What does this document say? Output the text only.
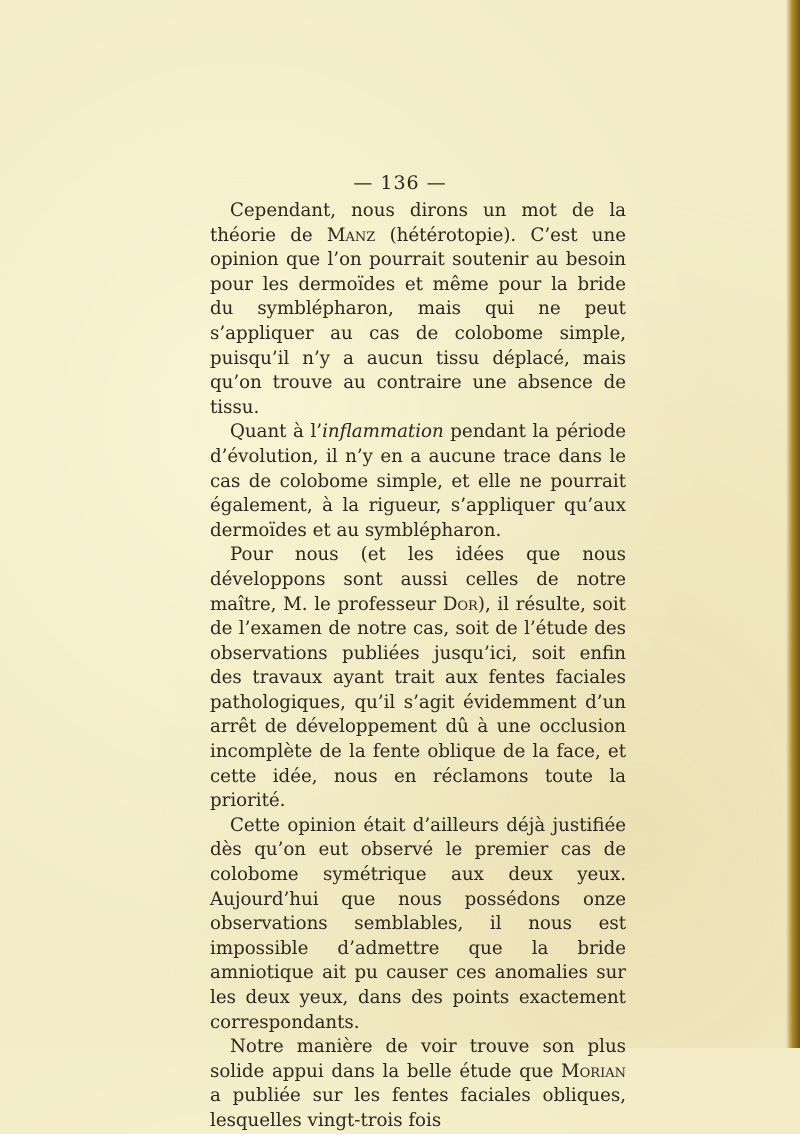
— 136 —

Cependant, nous dirons un mot de la théorie de Manz (hétérotopie). C’est une opinion que l’on pourrait soutenir au besoin pour les dermoïdes et même pour la bride du symblépharon, mais qui ne peut s’appliquer au cas de colobome simple, puisqu’il n’y a aucun tissu déplacé, mais qu’on trouve au contraire une absence de tissu.

Quant à l’inflammation pendant la période d’évolution, il n’y en a aucune trace dans le cas de colobome simple, et elle ne pourrait également, à la rigueur, s’appliquer qu’aux dermoïdes et au symblépharon.

Pour nous (et les idées que nous développons sont aussi celles de notre maître, M. le professeur Dor), il résulte, soit de l’examen de notre cas, soit de l’étude des observations publiées jusqu’ici, soit enfin des travaux ayant trait aux fentes faciales pathologiques, qu’il s’agit évidemment d’un arrêt de développement dû à une occlusion incomplète de la fente oblique de la face, et cette idée, nous en réclamons toute la priorité.

Cette opinion était d’ailleurs déjà justifiée dès qu’on eut observé le premier cas de colobome symétrique aux deux yeux. Aujourd’hui que nous possédons onze observations semblables, il nous est impossible d’admettre que la bride amniotique ait pu causer ces anomalies sur les deux yeux, dans des points exactement correspondants.

Notre manière de voir trouve son plus solide appui dans la belle étude que Morian a publiée sur les fentes faciales obliques, lesquelles vingt-trois fois
